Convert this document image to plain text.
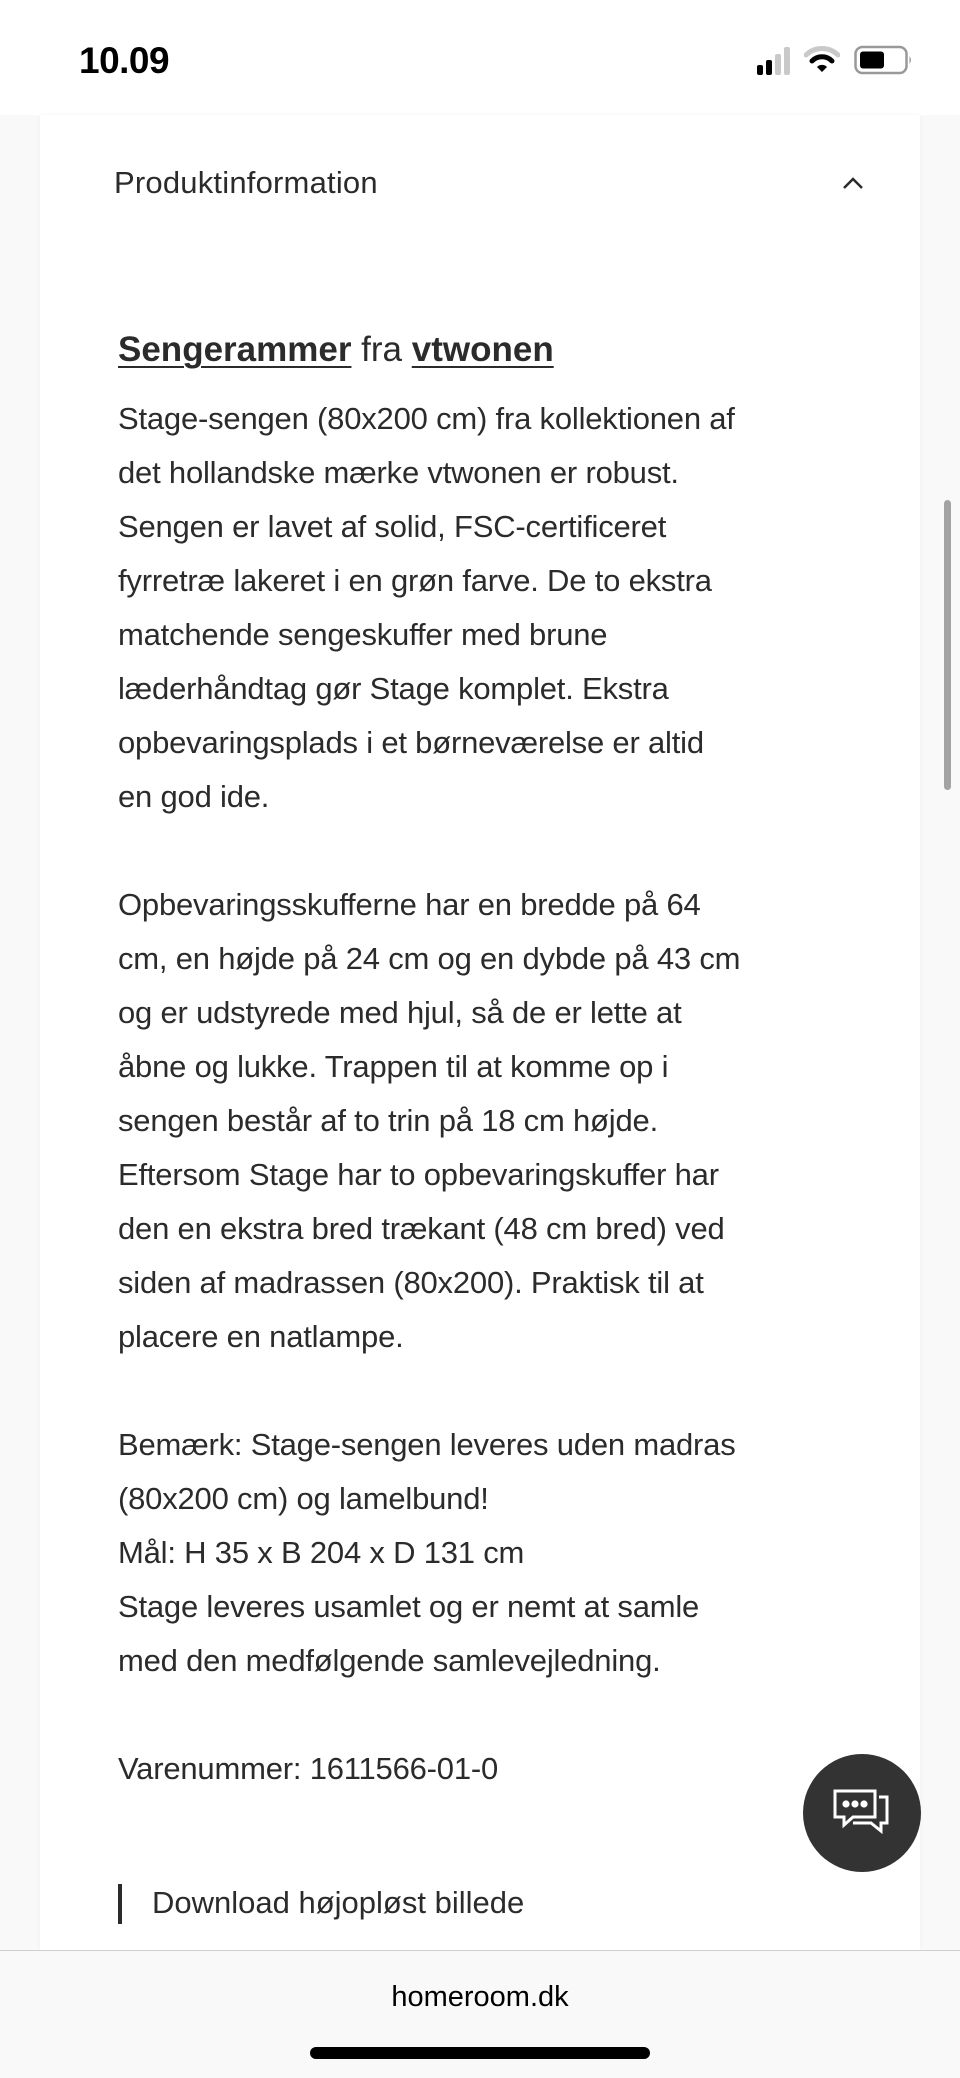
10.09
Produktinformation
Sengerammer fra vtwonen
Stage-sengen (80x200 cm) fra kollektionen af
det hollandske mærke vtwonen er robust.
Sengen er lavet af solid, FSC-certificeret
fyrretræ lakeret i en grøn farve. De to ekstra
matchende sengeskuffer med brune
læderhåndtag gør Stage komplet. Ekstra
opbevaringsplads i et børneværelse er altid
en god ide.
Opbevaringsskufferne har en bredde på 64
cm, en højde på 24 cm og en dybde på 43 cm
og er udstyrede med hjul, så de er lette at
åbne og lukke. Trappen til at komme op i
sengen består af to trin på 18 cm højde.
Eftersom Stage har to opbevaringskuffer har
den en ekstra bred trækant (48 cm bred) ved
siden af madrassen (80x200). Praktisk til at
placere en natlampe.
Bemærk: Stage-sengen leveres uden madras
(80x200 cm) og lamelbund!
Mål: H 35 x B 204 x D 131 cm
Stage leveres usamlet og er nemt at samle
med den medfølgende samlevejledning.
Varenummer: 1611566-01-0
Download højopløst billede
homeroom.dk
